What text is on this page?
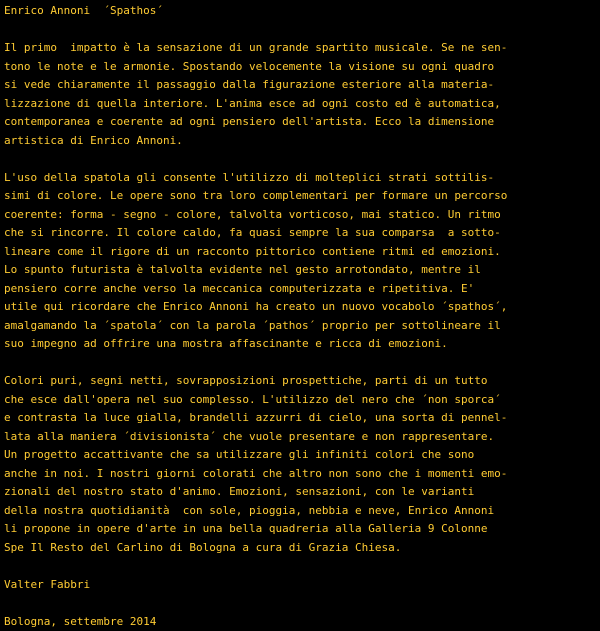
Enrico Annoni  ´Spathos´
Il primo  impatto è la sensazione di un grande spartito musicale. Se ne sen-
tono le note e le armonie. Spostando velocemente la visione su ogni quadro
si vede chiaramente il passaggio dalla figurazione esteriore alla materia-
lizzazione di quella interiore. L'anima esce ad ogni costo ed è automatica,
contemporanea e coerente ad ogni pensiero dell'artista. Ecco la dimensione
artistica di Enrico Annoni.
L'uso della spatola gli consente l'utilizzo di molteplici strati sottilis-
simi di colore. Le opere sono tra loro complementari per formare un percorso
coerente: forma - segno - colore, talvolta vorticoso, mai statico. Un ritmo
che si rincorre. Il colore caldo, fa quasi sempre la sua comparsa  a sotto-
lineare come il rigore di un racconto pittorico contiene ritmi ed emozioni.
Lo spunto futurista è talvolta evidente nel gesto arrotondato, mentre il
pensiero corre anche verso la meccanica computerizzata e ripetitiva. E'
utile qui ricordare che Enrico Annoni ha creato un nuovo vocabolo ´spathos´,
amalgamando la ´spatola´ con la parola ´pathos´ proprio per sottolineare il
suo impegno ad offrire una mostra affascinante e ricca di emozioni.
Colori puri, segni netti, sovrapposizioni prospettiche, parti di un tutto
che esce dall'opera nel suo complesso. L'utilizzo del nero che ´non sporca´
e contrasta la luce gialla, brandelli azzurri di cielo, una sorta di pennel-
lata alla maniera ´divisionista´ che vuole presentare e non rappresentare.
Un progetto accattivante che sa utilizzare gli infiniti colori che sono
anche in noi. I nostri giorni colorati che altro non sono che i momenti emo-
zionali del nostro stato d'animo. Emozioni, sensazioni, con le varianti
della nostra quotidianità  con sole, pioggia, nebbia e neve, Enrico Annoni
li propone in opere d'arte in una bella quadreria alla Galleria 9 Colonne
Spe Il Resto del Carlino di Bologna a cura di Grazia Chiesa.
Valter Fabbri
Bologna, settembre 2014
